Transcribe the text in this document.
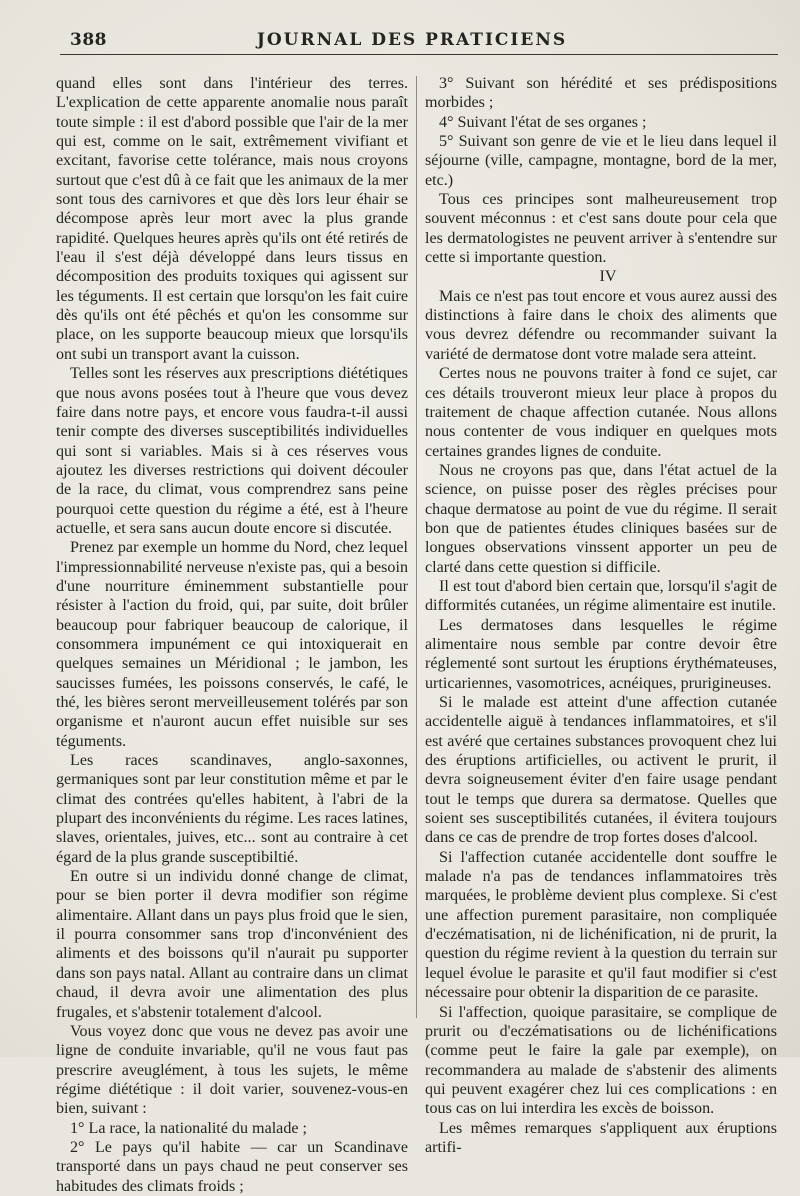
388	JOURNAL DES PRATICIENS

quand elles sont dans l'intérieur des terres. L'explication de cette apparente anomalie nous paraît toute simple : il est d'abord possible que l'air de la mer qui est, comme on le sait, extrêmement vivifiant et excitant, favorise cette tolérance, mais nous croyons surtout que c'est dû à ce fait que les animaux de la mer sont tous des carnivores et que dès lors leur éhair se décompose après leur mort avec la plus grande rapidité. Quelques heures après qu'ils ont été retirés de l'eau il s'est déjà développé dans leurs tissus en décomposition des produits toxiques qui agissent sur les téguments. Il est certain que lorsqu'on les fait cuire dès qu'ils ont été pêchés et qu'on les consomme sur place, on les supporte beaucoup mieux que lorsqu'ils ont subi un transport avant la cuisson.

Telles sont les réserves aux prescriptions diététiques que nous avons posées tout à l'heure que vous devez faire dans notre pays, et encore vous faudra-t-il aussi tenir compte des diverses susceptibilités individuelles qui sont si variables. Mais si à ces réserves vous ajoutez les diverses restrictions qui doivent découler de la race, du climat, vous comprendrez sans peine pourquoi cette question du régime a été, est à l'heure actuelle, et sera sans aucun doute encore si discutée.

Prenez par exemple un homme du Nord, chez lequel l'impressionnabilité nerveuse n'existe pas, qui a besoin d'une nourriture éminemment substantielle pour résister à l'action du froid, qui, par suite, doit brûler beaucoup pour fabriquer beaucoup de calorique, il consommera impunément ce qui intoxiquerait en quelques semaines un Méridional ; le jambon, les saucisses fumées, les poissons conservés, le café, le thé, les bières seront merveilleusement tolérés par son organisme et n'auront aucun effet nuisible sur ses téguments.

Les races scandinaves, anglo-saxonnes, germaniques sont par leur constitution même et par le climat des contrées qu'elles habitent, à l'abri de la plupart des inconvénients du régime. Les races latines, slaves, orientales, juives, etc... sont au contraire à cet égard de la plus grande susceptibiltié.

En outre si un individu donné change de climat, pour se bien porter il devra modifier son régime alimentaire. Allant dans un pays plus froid que le sien, il pourra consommer sans trop d'inconvénient des aliments et des boissons qu'il n'aurait pu supporter dans son pays natal. Allant au contraire dans un climat chaud, il devra avoir une alimentation des plus frugales, et s'abstenir totalement d'alcool.

Vous voyez donc que vous ne devez pas avoir une ligne de conduite invariable, qu'il ne vous faut pas prescrire aveuglément, à tous les sujets, le même régime diététique : il doit varier, souvenez-vous-en bien, suivant :

1° La race, la nationalité du malade ;

2° Le pays qu'il habite — car un Scandinave transporté dans un pays chaud ne peut conserver ses habitudes des climats froids ;

3° Suivant son hérédité et ses prédispositions morbides ;

4° Suivant l'état de ses organes ;

5° Suivant son genre de vie et le lieu dans lequel il séjourne (ville, campagne, montagne, bord de la mer, etc.)

Tous ces principes sont malheureusement trop souvent méconnus : et c'est sans doute pour cela que les dermatologistes ne peuvent arriver à s'entendre sur cette si importante question.

IV

Mais ce n'est pas tout encore et vous aurez aussi des distinctions à faire dans le choix des aliments que vous devrez défendre ou recommander suivant la variété de dermatose dont votre malade sera atteint.

Certes nous ne pouvons traiter à fond ce sujet, car ces détails trouveront mieux leur place à propos du traitement de chaque affection cutanée. Nous allons nous contenter de vous indiquer en quelques mots certaines grandes lignes de conduite.

Nous ne croyons pas que, dans l'état actuel de la science, on puisse poser des règles précises pour chaque dermatose au point de vue du régime. Il serait bon que de patientes études cliniques basées sur de longues observations vinssent apporter un peu de clarté dans cette question si difficile.

Il est tout d'abord bien certain que, lorsqu'il s'agit de difformités cutanées, un régime alimentaire est inutile.

Les dermatoses dans lesquelles le régime alimentaire nous semble par contre devoir être réglementé sont surtout les éruptions érythémateuses, urticariennes, vasomotrices, acnéiques, prurigineuses.

Si le malade est atteint d'une affection cutanée accidentelle aiguë à tendances inflammatoires, et s'il est avéré que certaines substances provoquent chez lui des éruptions artificielles, ou activent le prurit, il devra soigneusement éviter d'en faire usage pendant tout le temps que durera sa dermatose. Quelles que soient ses susceptibilités cutanées, il évitera toujours dans ce cas de prendre de trop fortes doses d'alcool.

Si l'affection cutanée accidentelle dont souffre le malade n'a pas de tendances inflammatoires très marquées, le problème devient plus complexe. Si c'est une affection purement parasitaire, non compliquée d'eczématisation, ni de lichénification, ni de prurit, la question du régime revient à la question du terrain sur lequel évolue le parasite et qu'il faut modifier si c'est nécessaire pour obtenir la disparition de ce parasite.

Si l'affection, quoique parasitaire, se complique de prurit ou d'eczématisations ou de lichénifications (comme peut le faire la gale par exemple), on recommandera au malade de s'abstenir des aliments qui peuvent exagérer chez lui ces complications : en tous cas on lui interdira les excès de boisson.

Les mêmes remarques s'appliquent aux éruptions artifi-
